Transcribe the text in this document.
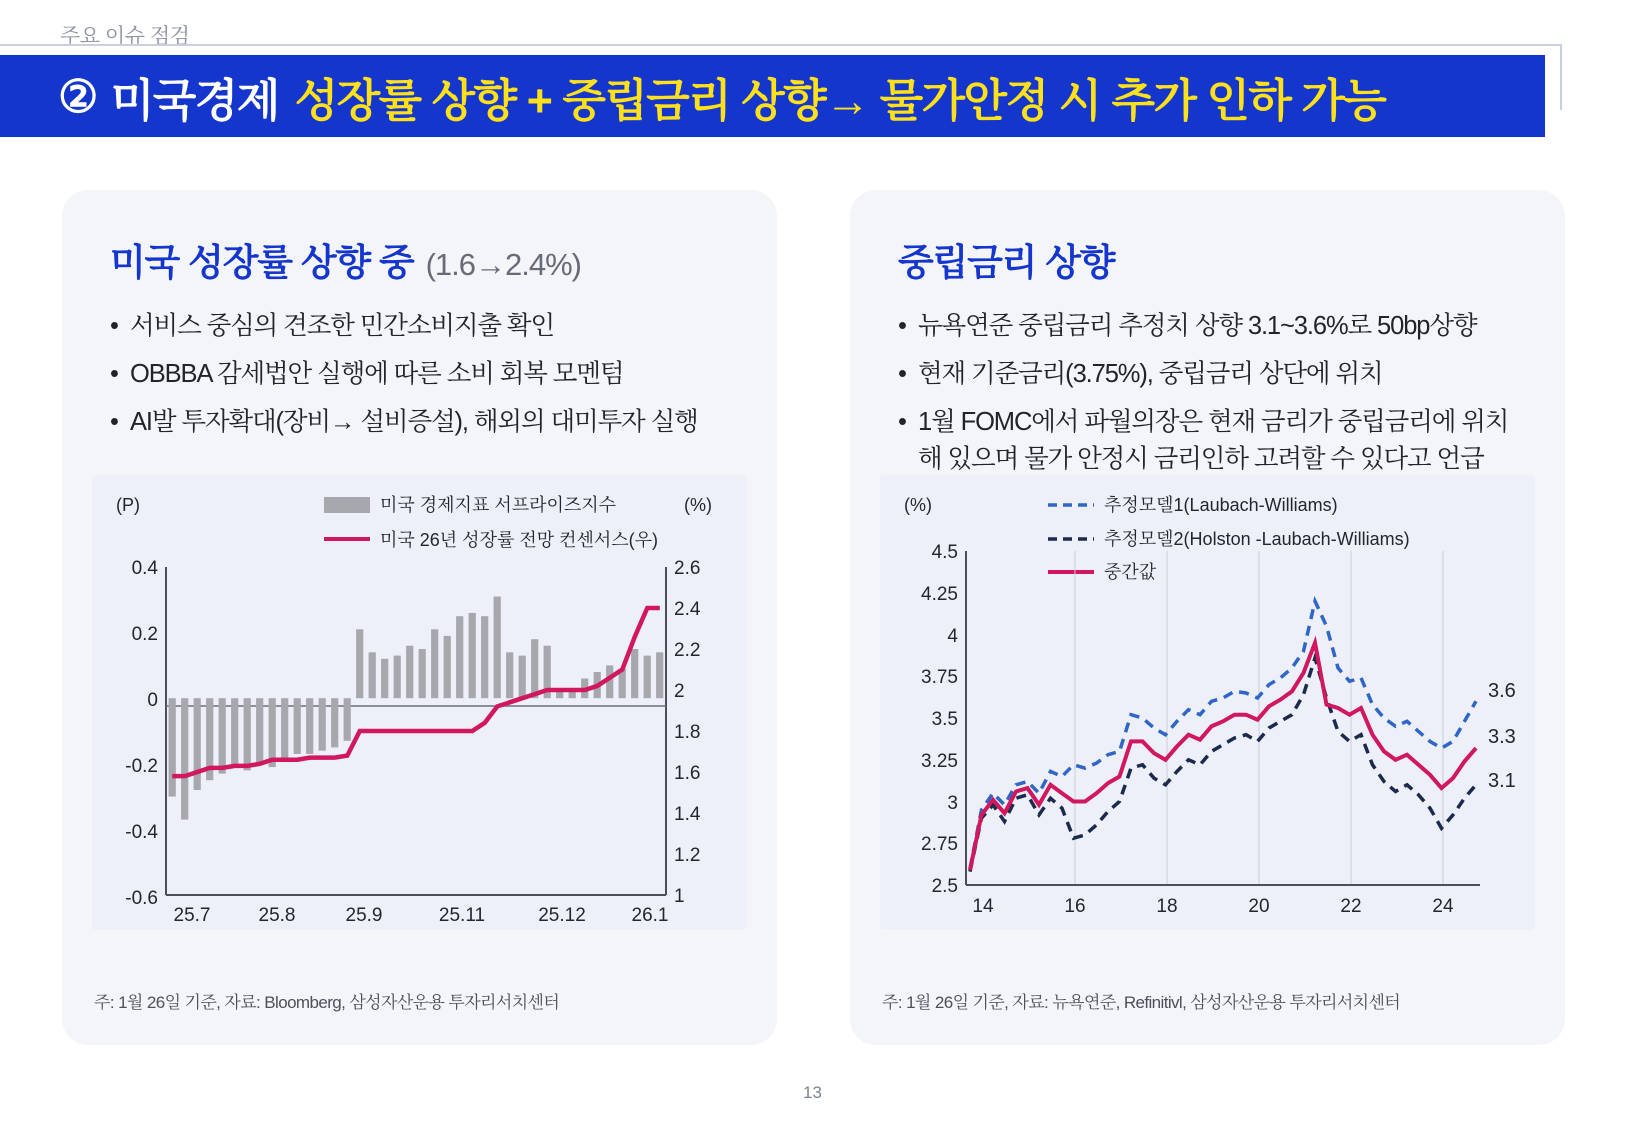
주요 이슈 점검
② 미국경제 성장률 상향 + 중립금리 상향→ 물가안정 시 추가 인하 가능
미국 성장률 상향 중 (1.6→2.4%)
• 서비스 중심의 견조한 민간소비지출 확인
• OBBBA 감세법안 실행에 따른 소비 회복 모멘텀
• AI발 투자확대(장비→ 설비증설), 해외의 대미투자 실행
(P)	(%)
미국 경제지표 서프라이즈지수
미국 26년 성장률 전망 컨센서스(우)
0.4
0.2
0
-0.2
-0.4
-0.6
2.6
2.4
2.2
2
1.8
1.6
1.4
1.2
1
25.7	25.8	25.9	25.11	25.12 26.1
주: 1월 26일 기준, 자료: Bloomberg, 삼성자산운용 투자리서치센터
중립금리 상향
• 뉴욕연준 중립금리 추정치 상향 3.1~3.6%로 50bp상향
• 현재 기준금리(3.75%), 중립금리 상단에 위치
• 1월 FOMC에서 파월의장은 현재 금리가 중립금리에 위치해 있으며 물가 안정시 금리인하 고려할 수 있다고 언급
(%)	추정모델1(Laubach-Williams)
추정모델2(Holston -Laubach-Williams)
중간값
4.5
4.25
4
3.75
3.5
3.25
3
2.75
2.5
3.6
3.3
3.1
14	16	18	20	22	24
주: 1월 26일 기준, 자료: 뉴욕연준, Refinitivl, 삼성자산운용 투자리서치센터
13
